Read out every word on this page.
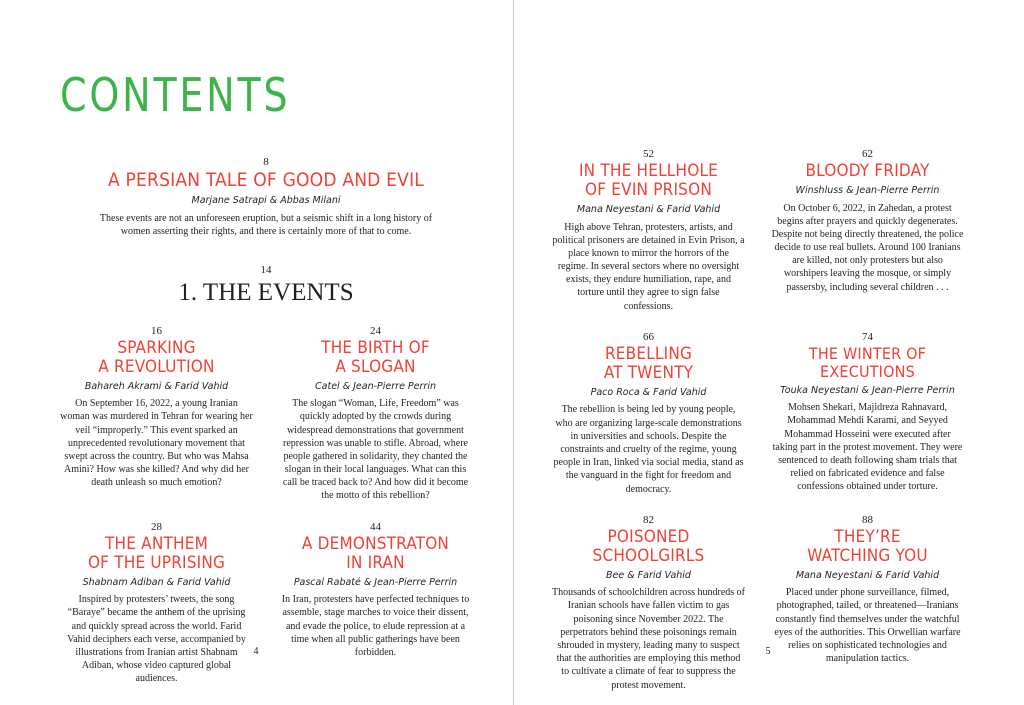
CONTENTS
8
A PERSIAN TALE OF GOOD AND EVIL
Marjane Satrapi & Abbas Milani
These events are not an unforeseen eruption, but a seismic shift in a long history of women asserting their rights, and there is certainly more of that to come.
14
1. THE EVENTS
16
SPARKING
A REVOLUTION
Bahareh Akrami & Farid Vahid
On September 16, 2022, a young Iranian woman was murdered in Tehran for wearing her veil “improperly.” This event sparked an unprecedented revolutionary movement that swept across the country. But who was Mahsa Amini? How was she killed? And why did her death unleash so much emotion?
24
THE BIRTH OF
A SLOGAN
Catel & Jean-Pierre Perrin
The slogan “Woman, Life, Freedom” was quickly adopted by the crowds during widespread demonstrations that government repression was unable to stifle. Abroad, where people gathered in solidarity, they chanted the slogan in their local languages. What can this call be traced back to? And how did it become the motto of this rebellion?
28
THE ANTHEM
OF THE UPRISING
Shabnam Adiban & Farid Vahid
Inspired by protesters’ tweets, the song “Baraye” became the anthem of the uprising and quickly spread across the world. Farid Vahid deciphers each verse, accompanied by illustrations from Iranian artist Shabnam Adiban, whose video captured global audiences.
44
A DEMONSTRATON
IN IRAN
Pascal Rabaté & Jean-Pierre Perrin
In Iran, protesters have perfected techniques to assemble, stage marches to voice their dissent, and evade the police, to elude repression at a time when all public gatherings have been forbidden.
4
52
IN THE HELLHOLE
OF EVIN PRISON
Mana Neyestani & Farid Vahid
High above Tehran, protesters, artists, and political prisoners are detained in Evin Prison, a place known to mirror the horrors of the regime. In several sectors where no oversight exists, they endure humiliation, rape, and torture until they agree to sign false confessions.
62
BLOODY FRIDAY
Winshluss & Jean-Pierre Perrin
On October 6, 2022, in Zahedan, a protest begins after prayers and quickly degenerates. Despite not being directly threatened, the police decide to use real bullets. Around 100 Iranians are killed, not only protesters but also worshipers leaving the mosque, or simply passersby, including several children . . .
66
REBELLING
AT TWENTY
Paco Roca & Farid Vahid
The rebellion is being led by young people, who are organizing large-scale demonstrations in universities and schools. Despite the constraints and cruelty of the regime, young people in Iran, linked via social media, stand as the vanguard in the fight for freedom and democracy.
74
THE WINTER OF
EXECUTIONS
Touka Neyestani & Jean-Pierre Perrin
Mohsen Shekari, Majidreza Rahnavard, Mohammad Mehdi Karami, and Seyyed Mohammad Hosseini were executed after taking part in the protest movement. They were sentenced to death following sham trials that relied on fabricated evidence and false confessions obtained under torture.
82
POISONED
SCHOOLGIRLS
Bee & Farid Vahid
Thousands of schoolchildren across hundreds of Iranian schools have fallen victim to gas poisoning since November 2022. The perpetrators behind these poisonings remain shrouded in mystery, leading many to suspect that the authorities are employing this method to cultivate a climate of fear to suppress the protest movement.
88
THEY’RE
WATCHING YOU
Mana Neyestani & Farid Vahid
Placed under phone surveillance, filmed, photographed, tailed, or threatened—Iranians constantly find themselves under the watchful eyes of the authorities. This Orwellian warfare relies on sophisticated technologies and manipulation tactics.
5
